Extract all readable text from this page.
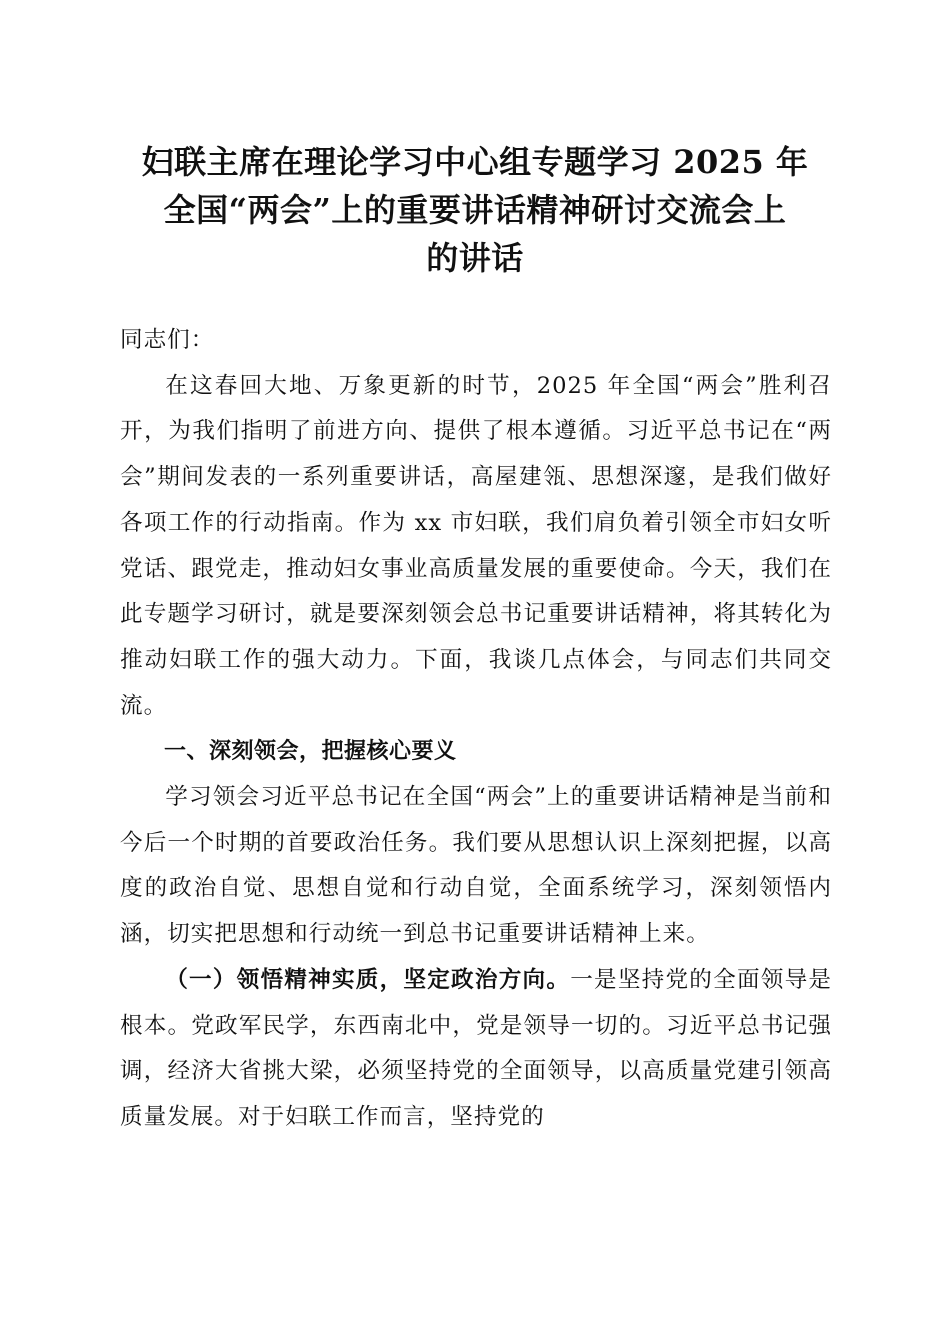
妇联主席在理论学习中心组专题学习 2025 年
全国“两会”上的重要讲话精神研讨交流会上
的讲话

同志们：

在这春回大地、万象更新的时节，2025 年全国“两会”胜利召开，为我们指明了前进方向、提供了根本遵循。习近平总书记在“两会”期间发表的一系列重要讲话，高屋建瓴、思想深邃，是我们做好各项工作的行动指南。作为 xx 市妇联，我们肩负着引领全市妇女听党话、跟党走，推动妇女事业高质量发展的重要使命。今天，我们在此专题学习研讨，就是要深刻领会总书记重要讲话精神，将其转化为推动妇联工作的强大动力。下面，我谈几点体会，与同志们共同交流。

一、深刻领会，把握核心要义

学习领会习近平总书记在全国“两会”上的重要讲话精神是当前和今后一个时期的首要政治任务。我们要从思想认识上深刻把握，以高度的政治自觉、思想自觉和行动自觉，全面系统学习，深刻领悟内涵，切实把思想和行动统一到总书记重要讲话精神上来。

（一）领悟精神实质，坚定政治方向。一是坚持党的全面领导是根本。党政军民学，东西南北中，党是领导一切的。习近平总书记强调，经济大省挑大梁，必须坚持党的全面领导，以高质量党建引领高质量发展。对于妇联工作而言，坚持党的
